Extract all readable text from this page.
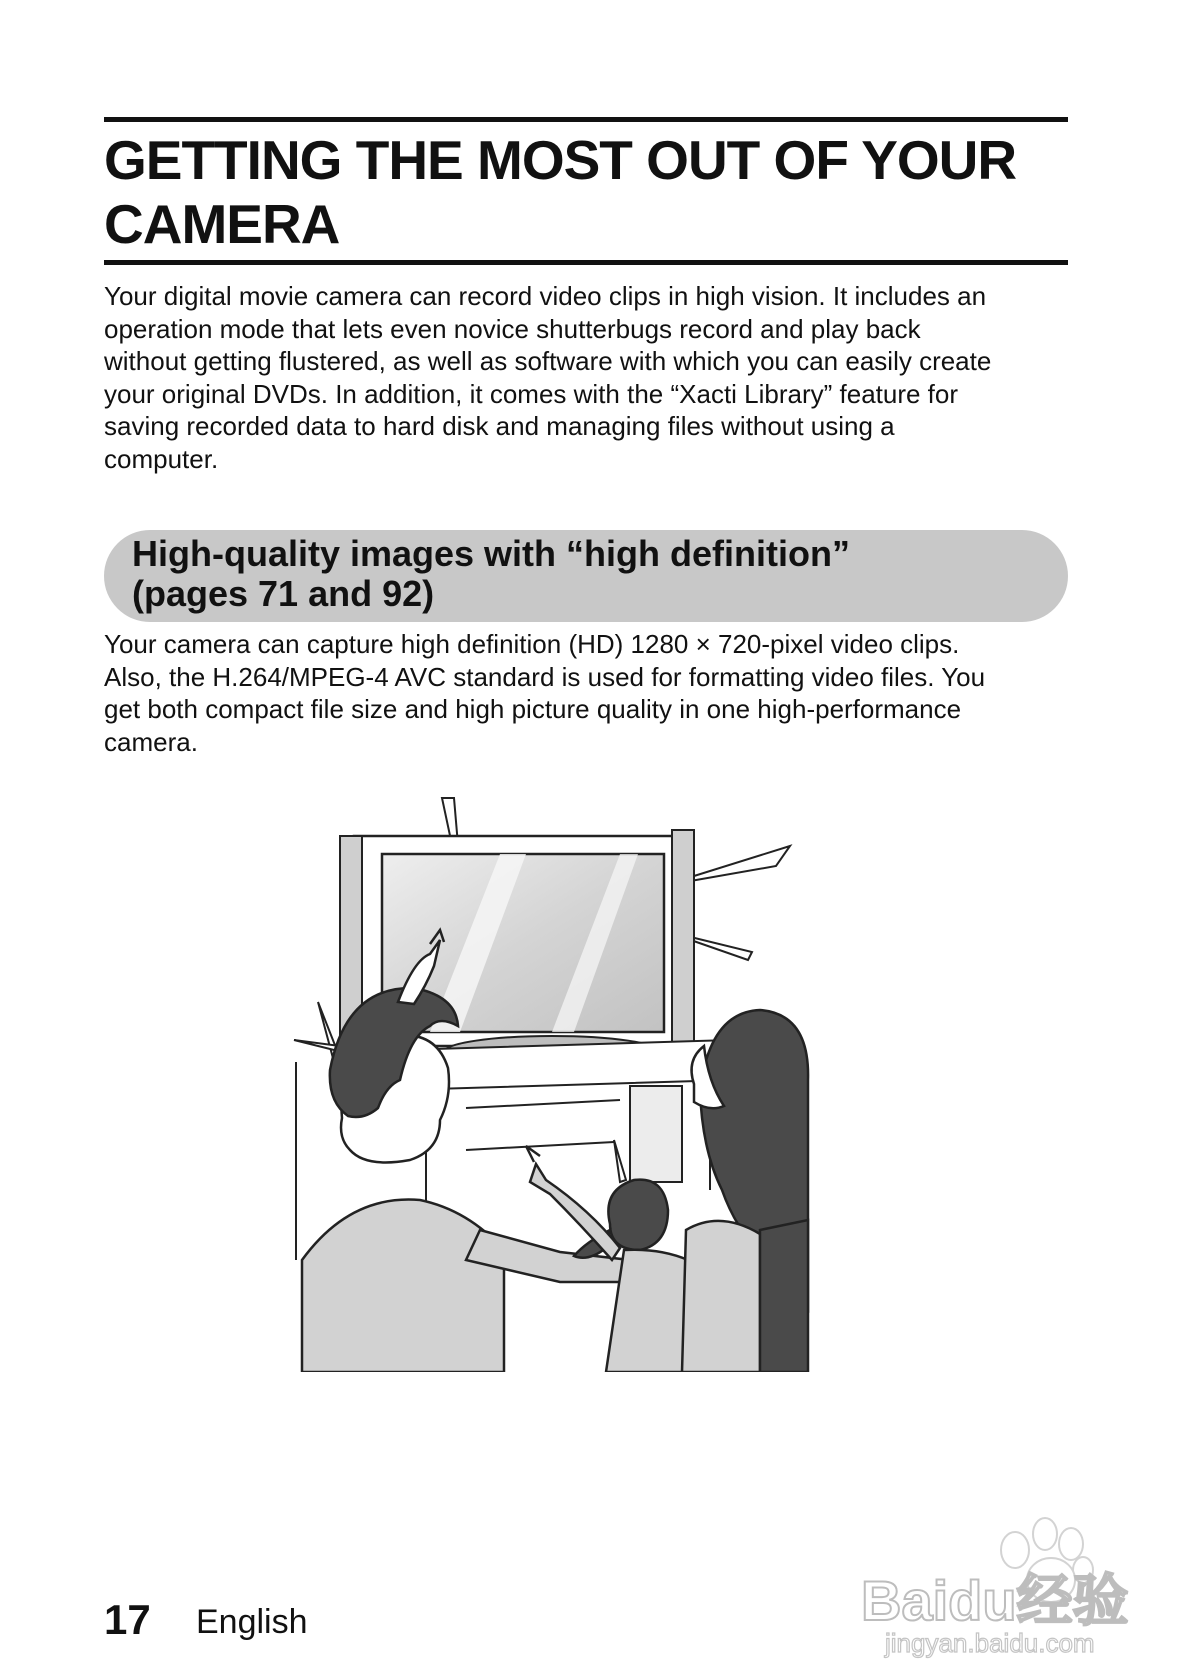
GETTING THE MOST OUT OF YOUR
CAMERA

Your digital movie camera can record video clips in high vision. It includes an
operation mode that lets even novice shutterbugs record and play back
without getting flustered, as well as software with which you can easily create
your original DVDs. In addition, it comes with the “Xacti Library” feature for
saving recorded data to hard disk and managing files without using a
computer.

High-quality images with “high definition”
(pages 71 and 92)

Your camera can capture high definition (HD) 1280 × 720-pixel video clips.
Also, the H.264/MPEG-4 AVC standard is used for formatting video files. You
get both compact file size and high picture quality in one high-performance
camera.

17 English	Baidu经验
jingyan.baidu.com
